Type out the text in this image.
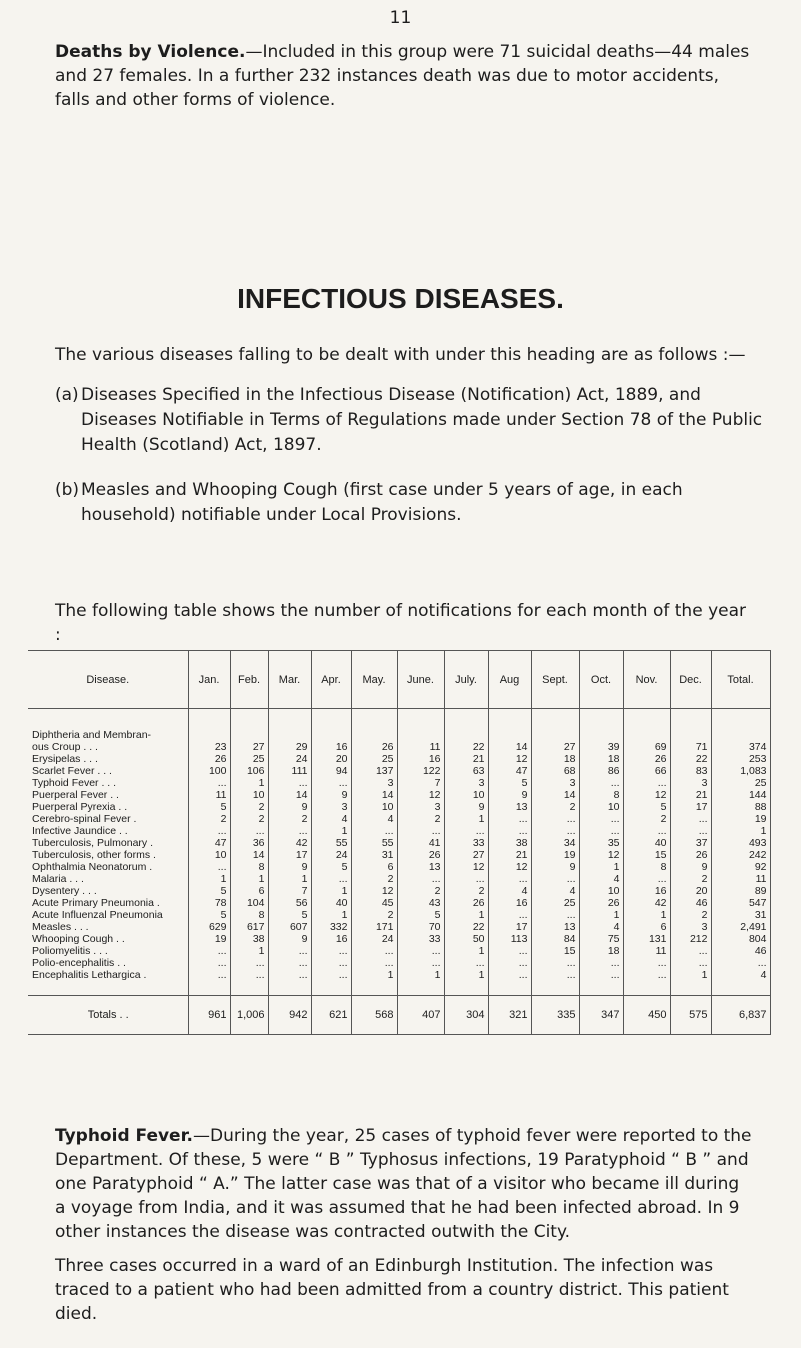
11

Deaths by Violence.—Included in this group were 71 suicidal deaths—44 males and 27 females. In a further 232 instances death was due to motor accidents, falls and other forms of violence.

INFECTIOUS DISEASES.

The various diseases falling to be dealt with under this heading are as follows :—

(a) Diseases Specified in the Infectious Disease (Notification) Act, 1889, and Diseases Notifiable in Terms of Regulations made under Section 78 of the Public Health (Scotland) Act, 1897.
(b) Measles and Whooping Cough (first case under 5 years of age, in each household) notifiable under Local Provisions.

The following table shows the number of notifications for each month of the year :

Disease.	Jan.	Feb.	Mar.	Apr.	May.	June.	July.	Aug	Sept.	Oct.	Nov.	Dec.	Total.

Diphtheria and Membran-													
ous Croup . . .	23	27	29	16	26	11	22	14	27	39	69	71	374
Erysipelas . . .	26	25	24	20	25	16	21	12	18	18	26	22	253
Scarlet Fever . . .	100	106	111	94	137	122	63	47	68	86	66	83	1,083
Typhoid Fever . . .	...	1	...	...	3	7	3	5	3	...	...	3	25
Puerperal Fever . .	11	10	14	9	14	12	10	9	14	8	12	21	144
Puerperal Pyrexia . .	5	2	9	3	10	3	9	13	2	10	5	17	88
Cerebro-spinal Fever .	2	2	2	4	4	2	1	...	...	...	2	...	19
Infective Jaundice . .	...	...	...	1	...	...	...	...	...	...	...	...	1
Tuberculosis, Pulmonary .	47	36	42	55	55	41	33	38	34	35	40	37	493
Tuberculosis, other forms .	10	14	17	24	31	26	27	21	19	12	15	26	242
Ophthalmia Neonatorum .	...	8	9	5	6	13	12	12	9	1	8	9	92
Malaria . . .	1	1	1	...	2	...	...	...	...	4	...	2	11
Dysentery . . .	5	6	7	1	12	2	2	4	4	10	16	20	89
Acute Primary Pneumonia .	78	104	56	40	45	43	26	16	25	26	42	46	547
Acute Influenzal Pneumonia	5	8	5	1	2	5	1	...	...	1	1	2	31
Measles . . .	629	617	607	332	171	70	22	17	13	4	6	3	2,491
Whooping Cough . .	19	38	9	16	24	33	50	113	84	75	131	212	804
Poliomyelitis . . .	...	1	...	...	...	...	1	...	15	18	11	...	46
Polio-encephalitis . .	...	...	...	...	...	...	...	...	...	...	...	...	...
Encephalitis Lethargica .	...	...	...	...	1	1	1	...	...	...	...	1	4

Totals . .	961	1,006	942	621	568	407	304	321	335	347	450	575	6,837

Typhoid Fever.—During the year, 25 cases of typhoid fever were reported to the Department. Of these, 5 were “ B ” Typhosus infections, 19 Paratyphoid “ B ” and one Paratyphoid “ A.” The latter case was that of a visitor who became ill during a voyage from India, and it was assumed that he had been infected abroad. In 9 other instances the disease was contracted outwith the City.

Three cases occurred in a ward of an Edinburgh Institution. The infection was traced to a patient who had been admitted from a country district. This patient died.
